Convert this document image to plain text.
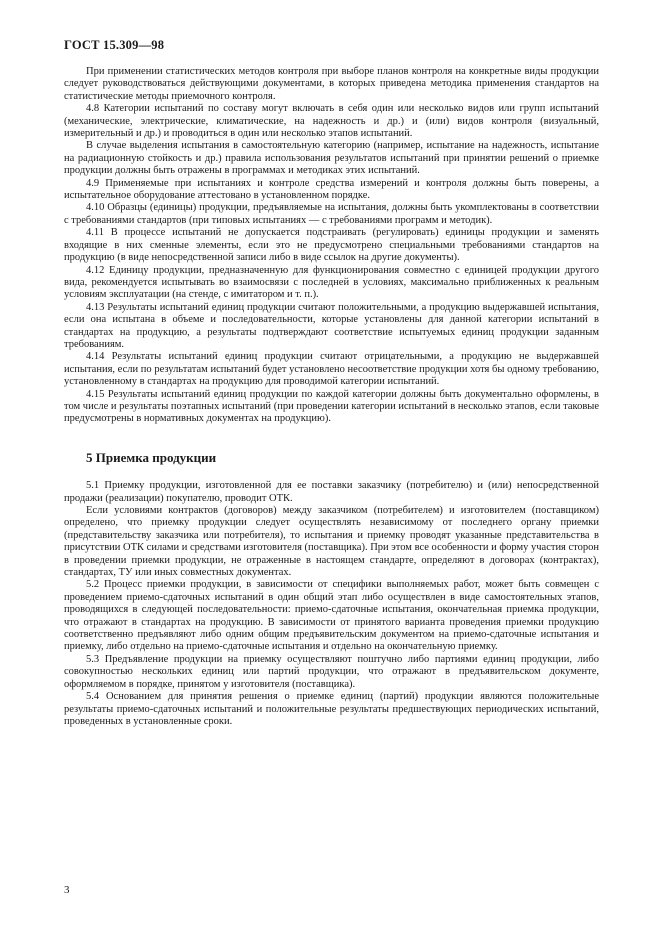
ГОСТ 15.309—98

При применении статистических методов контроля при выборе планов контроля на конкретные виды продукции следует руководствоваться действующими документами, в которых приведена методика применения стандартов на статистические методы приемочного контроля.

4.8 Категории испытаний по составу могут включать в себя один или несколько видов или групп испытаний (механические, электрические, климатические, на надежность и др.) и (или) видов контроля (визуальный, измерительный и др.) и проводиться в один или несколько этапов испытаний.

В случае выделения испытания в самостоятельную категорию (например, испытание на надежность, испытание на радиационную стойкость и др.) правила использования результатов испытаний при принятии решений о приемке продукции должны быть отражены в программах и методиках этих испытаний.

4.9 Применяемые при испытаниях и контроле средства измерений и контроля должны быть поверены, а испытательное оборудование аттестовано в установленном порядке.

4.10 Образцы (единицы) продукции, предъявляемые на испытания, должны быть укомплектованы в соответствии с требованиями стандартов (при типовых испытаниях — с требованиями программ и методик).

4.11 В процессе испытаний не допускается подстраивать (регулировать) единицы продукции и заменять входящие в них сменные элементы, если это не предусмотрено специальными требованиями стандартов на продукцию (в виде непосредственной записи либо в виде ссылок на другие документы).

4.12 Единицу продукции, предназначенную для функционирования совместно с единицей продукции другого вида, рекомендуется испытывать во взаимосвязи с последней в условиях, максимально приближенных к реальным условиям эксплуатации (на стенде, с имитатором и т. п.).

4.13 Результаты испытаний единиц продукции считают положительными, а продукцию выдержавшей испытания, если она испытана в объеме и последовательности, которые установлены для данной категории испытаний в стандартах на продукцию, а результаты подтверждают соответствие испытуемых единиц продукции заданным требованиям.

4.14 Результаты испытаний единиц продукции считают отрицательными, а продукцию не выдержавшей испытания, если по результатам испытаний будет установлено несоответствие продукции хотя бы одному требованию, установленному в стандартах на продукцию для проводимой категории испытаний.

4.15 Результаты испытаний единиц продукции по каждой категории должны быть документально оформлены, в том числе и результаты поэтапных испытаний (при проведении категории испытаний в несколько этапов, если таковые предусмотрены в нормативных документах на продукцию).

5 Приемка продукции

5.1 Приемку продукции, изготовленной для ее поставки заказчику (потребителю) и (или) непосредственной продажи (реализации) покупателю, проводит ОТК.

Если условиями контрактов (договоров) между заказчиком (потребителем) и изготовителем (поставщиком) определено, что приемку продукции следует осуществлять независимому от последнего органу приемки (представительству заказчика или потребителя), то испытания и приемку проводят указанные представительства в присутствии ОТК силами и средствами изготовителя (поставщика). При этом все особенности и форму участия сторон в проведении приемки продукции, не отраженные в настоящем стандарте, определяют в договорах (контрактах), стандартах, ТУ или иных совместных документах.

5.2 Процесс приемки продукции, в зависимости от специфики выполняемых работ, может быть совмещен с проведением приемо-сдаточных испытаний в один общий этап либо осуществлен в виде самостоятельных этапов, проводящихся в следующей последовательности: приемо-сдаточные испытания, окончательная приемка продукции, что отражают в стандартах на продукцию. В зависимости от принятого варианта проведения приемки продукцию соответственно предъявляют либо одним общим предъявительским документом на приемо-сдаточные испытания и приемку, либо отдельно на приемо-сдаточные испытания и отдельно на окончательную приемку.

5.3 Предъявление продукции на приемку осуществляют поштучно либо партиями единиц продукции, либо совокупностью нескольких единиц или партий продукции, что отражают в предъявительском документе, оформляемом в порядке, принятом у изготовителя (поставщика).

5.4 Основанием для принятия решения о приемке единиц (партий) продукции являются положительные результаты приемо-сдаточных испытаний и положительные результаты предшествующих периодических испытаний, проведенных в установленные сроки.

3
